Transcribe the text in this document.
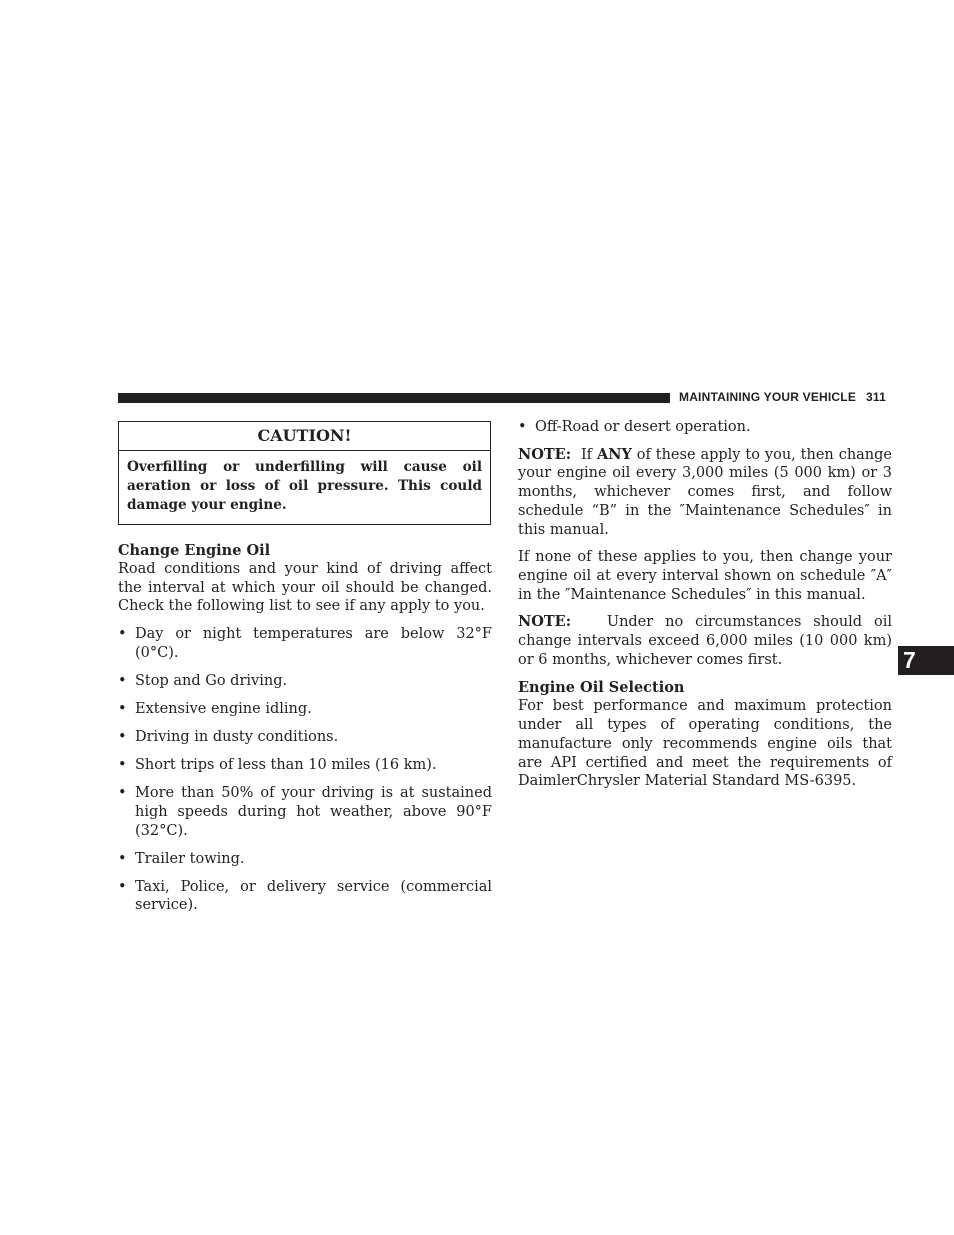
MAINTAINING YOUR VEHICLE 311
CAUTION!
Overfilling or underfilling will cause oil aeration or loss of oil pressure. This could damage your engine.
Change Engine Oil

Road conditions and your kind of driving affect the interval at which your oil should be changed. Check the following list to see if any apply to you.

• Day or night temperatures are below 32°F (0°C).
• Stop and Go driving.
• Extensive engine idling.
• Driving in dusty conditions.
• Short trips of less than 10 miles (16 km).
• More than 50% of your driving is at sustained high speeds during hot weather, above 90°F (32°C).
• Trailer towing.
• Taxi, Police, or delivery service (commercial service).
• Off-Road or desert operation.

NOTE: If ANY of these apply to you, then change your engine oil every 3,000 miles (5 000 km) or 3 months, whichever comes first, and follow schedule “B” in the ″Maintenance Schedules″ in this manual.

If none of these applies to you, then change your engine oil at every interval shown on schedule ″A″ in the ″Maintenance Schedules″ in this manual.

NOTE: Under no circumstances should oil change intervals exceed 6,000 miles (10 000 km) or 6 months, whichever comes first.

Engine Oil Selection

For best performance and maximum protection under all types of operating conditions, the manufacture only recommends engine oils that are API certified and meet the requirements of DaimlerChrysler Material Standard MS-6395.

7
